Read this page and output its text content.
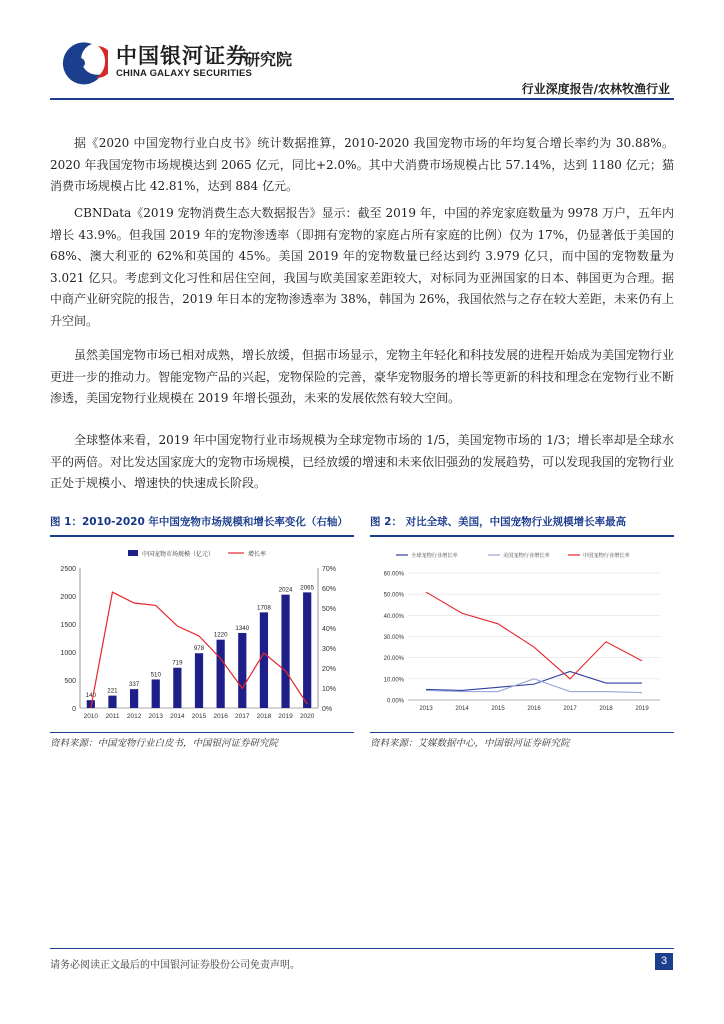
中国银河证券
CHINA GALAXY SECURITIES
研究院
行业深度报告/农林牧渔行业

据《2020 中国宠物行业白皮书》统计数据推算，2010-2020 我国宠物市场的年均复合增长率约为 30.88%。2020 年我国宠物市场规模达到 2065 亿元，同比+2.0%。其中犬消费市场规模占比 57.14%，达到 1180 亿元；猫消费市场规模占比 42.81%，达到 884 亿元。

CBNData《2019 宠物消费生态大数据报告》显示：截至 2019 年，中国的养宠家庭数量为 9978 万户，五年内增长 43.9%。但我国 2019 年的宠物渗透率（即拥有宠物的家庭占所有家庭的比例）仅为 17%，仍显著低于美国的 68%、澳大利亚的 62%和英国的 45%。美国 2019 年的宠物数量已经达到约 3.979 亿只，而中国的宠物数量为 3.021 亿只。考虑到文化习性和居住空间，我国与欧美国家差距较大，对标同为亚洲国家的日本、韩国更为合理。据中商产业研究院的报告，2019 年日本的宠物渗透率为 38%，韩国为 26%，我国依然与之存在较大差距，未来仍有上升空间。

虽然美国宠物市场已相对成熟，增长放缓，但据市场显示，宠物主年轻化和科技发展的进程开始成为美国宠物行业更进一步的推动力。智能宠物产品的兴起，宠物保险的完善，豪华宠物服务的增长等更新的科技和理念在宠物行业不断渗透，美国宠物行业规模在 2019 年增长强劲，未来的发展依然有较大空间。

全球整体来看，2019 年中国宠物行业市场规模为全球宠物市场的 1/5，美国宠物市场的 1/3；增长率却是全球水平的两倍。对比发达国家庞大的宠物市场规模，已经放缓的增速和未来依旧强劲的发展趋势，可以发现我国的宠物行业正处于规模小、增速快的快速成长阶段。

图 1：2010-2020 年中国宠物市场规模和增长率变化（右轴） 图 2： 对比全球、美国，中国宠物行业规模增长率最高
中国宠物市场规模（亿元）	增长率
0
500
1000
1500
2000
2500
0%
10%
20%
30%
40%
50%
60%
70%
140
2010
221
2011
337
2012
510
2013
719
2014
978
2015
1220
2016
1340
2017
1708
2018
2024
2019
2065
2020
全球宠物行业增长率	美国宠物行业增长率	中国宠物行业增长率
0.00%
10.00%
20.00%
30.00%
40.00%
50.00%
60.00%
2013	2014	2015	2016	2017	2018	2019
资料来源：中国宠物行业白皮书，中国银河证券研究院	资料来源：艾媒数据中心，中国银河证券研究院
请务必阅读正文最后的中国银河证券股份公司免责声明。	3
